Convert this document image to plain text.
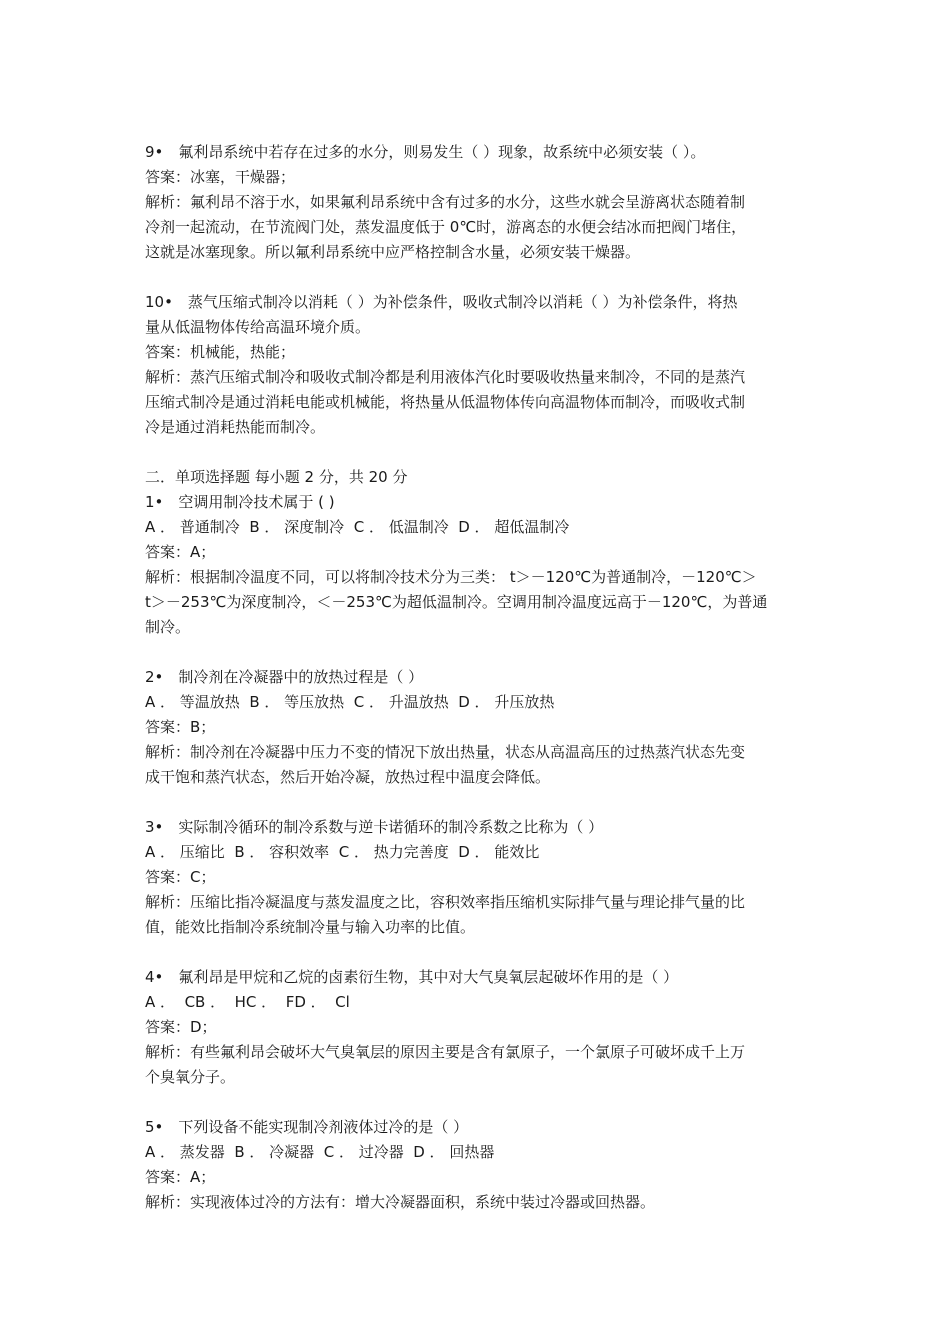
9•　氟利昂系统中若存在过多的水分，则易发生（ ）现象，故系统中必须安装（ ）。
答案：冰塞，干燥器；
解析：氟利昂不溶于水，如果氟利昂系统中含有过多的水分，这些水就会呈游离状态随着制
冷剂一起流动，在节流阀门处，蒸发温度低于 0℃时，游离态的水便会结冰而把阀门堵住，
这就是冰塞现象。所以氟利昂系统中应严格控制含水量，必须安装干燥器。
10•　蒸气压缩式制冷以消耗（ ）为补偿条件，吸收式制冷以消耗（ ）为补偿条件，将热
量从低温物体传给高温环境介质。
答案：机械能，热能；
解析：蒸汽压缩式制冷和吸收式制冷都是利用液体汽化时要吸收热量来制冷，不同的是蒸汽
压缩式制冷是通过消耗电能或机械能，将热量从低温物体传向高温物体而制冷，而吸收式制
冷是通过消耗热能而制冷。
二．单项选择题 每小题 2 分，共 20 分
1•　空调用制冷技术属于 ( )
A ． 普通制冷  B ． 深度制冷  C ． 低温制冷  D ． 超低温制冷
答案：A；
解析：根据制冷温度不同，可以将制冷技术分为三类： t＞－120℃为普通制冷，－120℃＞
t＞－253℃为深度制冷，＜－253℃为超低温制冷。空调用制冷温度远高于－120℃，为普通
制冷。
2•　制冷剂在冷凝器中的放热过程是（ ）
A ． 等温放热  B ． 等压放热  C ． 升温放热  D ． 升压放热
答案：B；
解析：制冷剂在冷凝器中压力不变的情况下放出热量，状态从高温高压的过热蒸汽状态先变
成干饱和蒸汽状态，然后开始冷凝，放热过程中温度会降低。
3•　实际制冷循环的制冷系数与逆卡诺循环的制冷系数之比称为（ ）
A ． 压缩比  B ． 容积效率  C ． 热力完善度  D ． 能效比
答案：C；
解析：压缩比指冷凝温度与蒸发温度之比，容积效率指压缩机实际排气量与理论排气量的比
值，能效比指制冷系统制冷量与输入功率的比值。
4•　氟利昂是甲烷和乙烷的卤素衍生物，其中对大气臭氧层起破坏作用的是（ ）
A ．  CB ．  HC ．  FD ．  Cl
答案：D；
解析：有些氟利昂会破坏大气臭氧层的原因主要是含有氯原子，一个氯原子可破坏成千上万
个臭氧分子。
5•　下列设备不能实现制冷剂液体过冷的是（ ）
A ． 蒸发器  B ． 冷凝器  C ． 过冷器  D ． 回热器
答案：A；
解析：实现液体过冷的方法有：增大冷凝器面积，系统中装过冷器或回热器。
